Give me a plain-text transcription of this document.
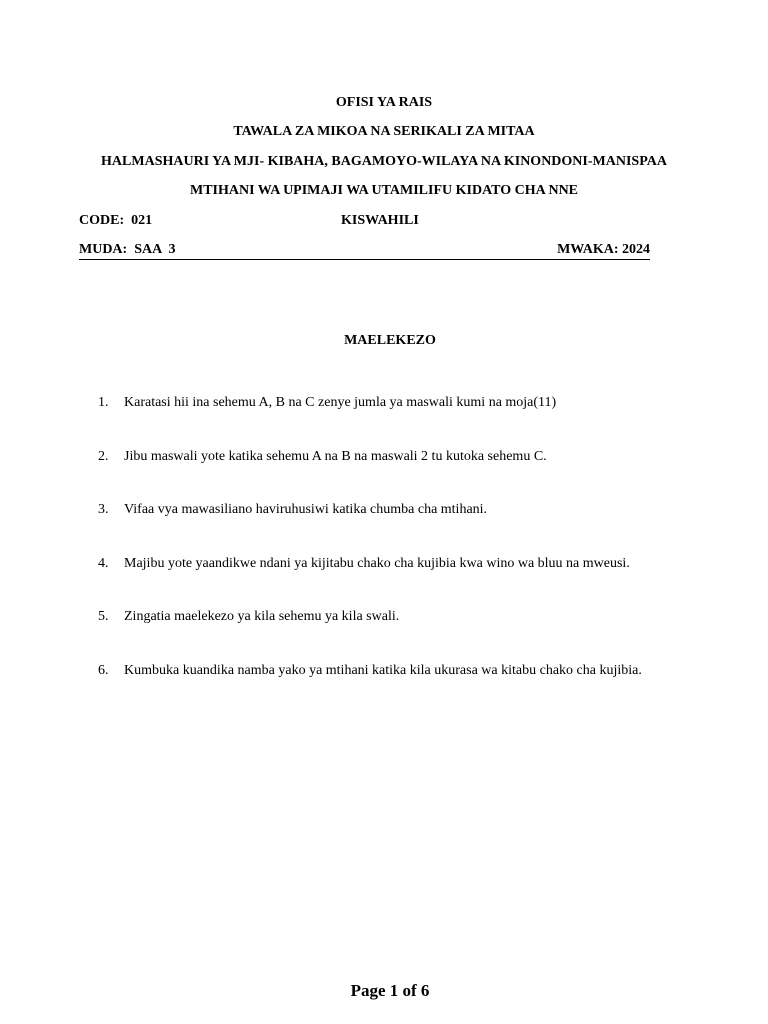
OFISI YA RAIS
TAWALA ZA MIKOA NA SERIKALI ZA MITAA
HALMASHAURI YA MJI- KIBAHA, BAGAMOYO-WILAYA NA KINONDONI-MANISPAA
MTIHANI WA UPIMAJI WA UTAMILIFU KIDATO CHA NNE
CODE:  021	KISWAHILI
MUDA:  SAA  3	MWAKA: 2024
MAELEKEZO
1. Karatasi hii ina sehemu A, B na C zenye jumla ya maswali kumi na moja(11)
2. Jibu maswali yote katika sehemu A na B na maswali 2 tu kutoka sehemu C.
3. Vifaa vya mawasiliano haviruhusiwi katika chumba cha mtihani.
4. Majibu yote yaandikwe ndani ya kijitabu chako cha kujibia kwa wino wa bluu na mweusi.
5. Zingatia maelekezo ya kila sehemu ya kila swali.
6. Kumbuka kuandika namba yako ya mtihani katika kila ukurasa wa kitabu chako cha kujibia.
Page 1 of 6
